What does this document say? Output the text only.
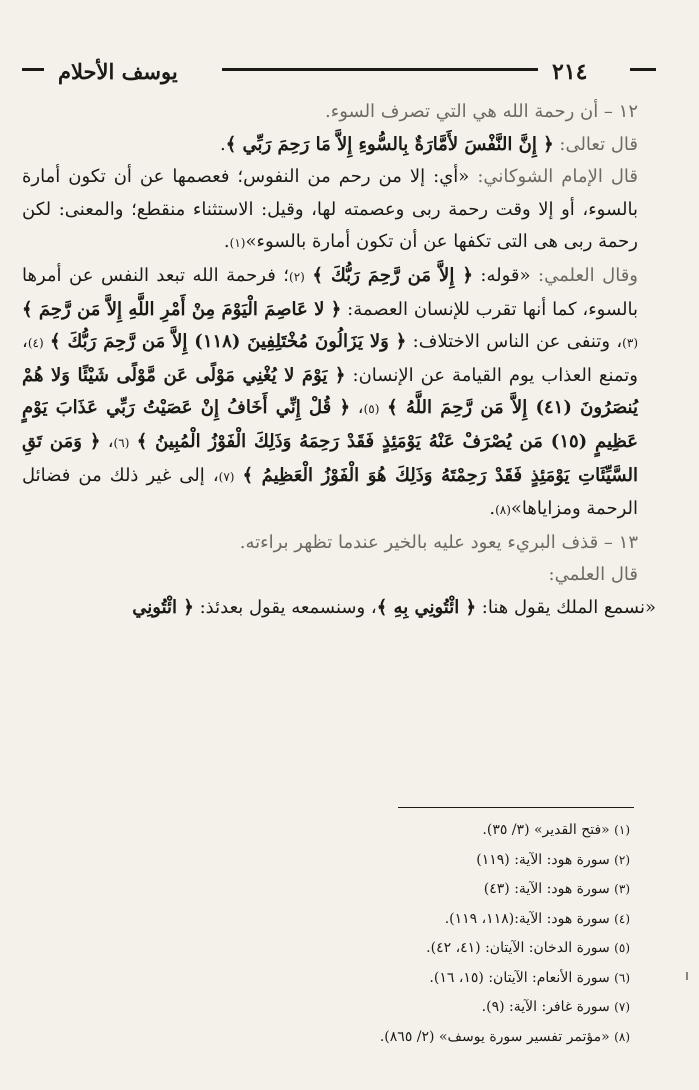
يوسف الأحلام	٢١٤

١٢ – أن رحمة الله هي التي تصرف السوء.

قال تعالى: ﴿ إِنَّ النَّفْسَ لأَمَّارَةٌ بِالسُّوءِ إِلاَّ مَا رَحِمَ رَبِّي ﴾.

قال الإمام الشوكاني: «أي: إلا من رحم من النفوس؛ فعصمها عن أن تكون أمارة بالسوء، أو إلا وقت رحمة ربى وعصمته لها، وقيل: الاستثناء منقطع؛ والمعنى: لكن رحمة ربى هى التى تكفها عن أن تكون أمارة بالسوء»(١).

وقال العلمي: «قوله: ﴿ إِلاَّ مَن رَّحِمَ رَبُّكَ ﴾ (٢)؛ فرحمة الله تبعد النفس عن أمرها بالسوء، كما أنها تقرب للإنسان العصمة: ﴿ لا عَاصِمَ الْيَوْمَ مِنْ أَمْرِ اللَّهِ إِلاَّ مَن رَّحِمَ ﴾ (٣)، وتنفى عن الناس الاختلاف: ﴿ وَلا يَزَالُونَ مُخْتَلِفِينَ (١١٨) إِلاَّ مَن رَّحِمَ رَبُّكَ ﴾ (٤)، وتمنع العذاب يوم القيامة عن الإنسان: ﴿ يَوْمَ لا يُغْنِي مَوْلًى عَن مَّوْلًى شَيْئًا وَلا هُمْ يُنصَرُونَ (٤١) إِلاَّ مَن رَّحِمَ اللَّهُ ﴾ (٥)، ﴿ قُلْ إِنِّي أَخَافُ إِنْ عَصَيْتُ رَبِّي عَذَابَ يَوْمٍ عَظِيمٍ (١٥) مَن يُصْرَفْ عَنْهُ يَوْمَئِذٍ فَقَدْ رَحِمَهُ وَذَلِكَ الْفَوْزُ الْمُبِينُ ﴾ (٦)، ﴿ وَمَن تَقِ السَّيِّئَاتِ يَوْمَئِذٍ فَقَدْ رَحِمْتَهُ وَذَلِكَ هُوَ الْفَوْزُ الْعَظِيمُ ﴾ (٧)، إلى غير ذلك من فضائل الرحمة ومزاياها»(٨).

١٣ – قذف البريء يعود عليه بالخير عندما تظهر براءته.

قال العلمي:

«نسمع الملك يقول هنا: ﴿ ائْتُونِي بِهِ ﴾، وسنسمعه يقول بعدئذ: ﴿ ائْتُونِي

(١) «فتح القدير» (٣/ ٣٥).
(٢) سورة هود: الآية: (١١٩)
(٣) سورة هود: الآية: (٤٣)
(٤) سورة هود: الآية:(١١٨، ١١٩).
(٥) سورة الدخان: الآيتان: (٤١، ٤٢).
(٦) سورة الأنعام: الآيتان: (١٥، ١٦).
(٧) سورة غافر: الآية: (٩).
(٨) «مؤتمر تفسير سورة يوسف» (٢/ ٨٦٥).
